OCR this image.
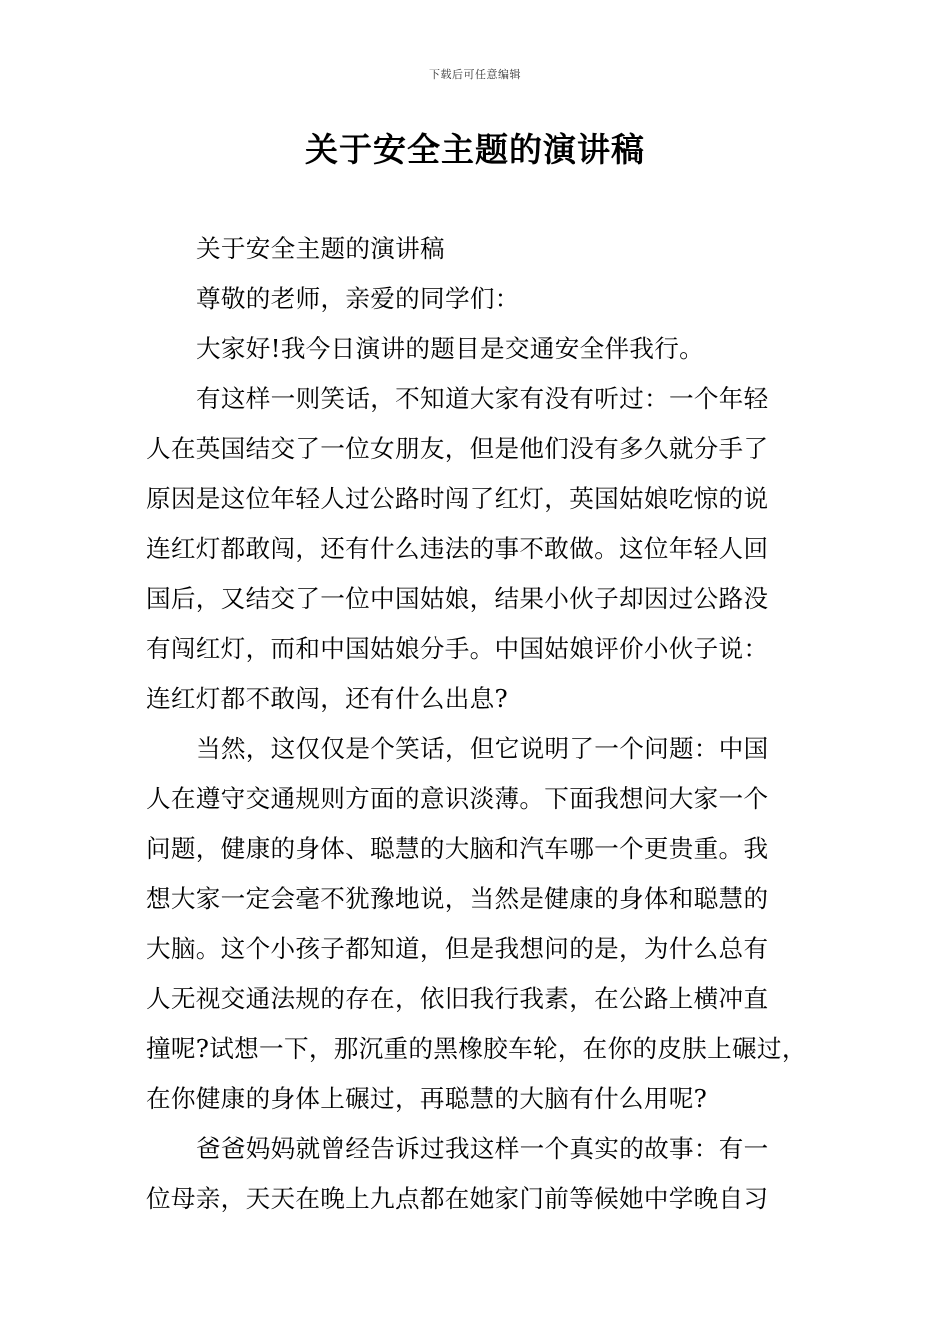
下载后可任意编辑
关于安全主题的演讲稿
关于安全主题的演讲稿
尊敬的老师，亲爱的同学们：
大家好!我今日演讲的题目是交通安全伴我行。
有这样一则笑话，不知道大家有没有听过：一个年轻
人在英国结交了一位女朋友，但是他们没有多久就分手了
原因是这位年轻人过公路时闯了红灯，英国姑娘吃惊的说
连红灯都敢闯，还有什么违法的事不敢做。这位年轻人回
国后，又结交了一位中国姑娘，结果小伙子却因过公路没
有闯红灯，而和中国姑娘分手。中国姑娘评价小伙子说：
连红灯都不敢闯，还有什么出息?
当然，这仅仅是个笑话，但它说明了一个问题：中国
人在遵守交通规则方面的意识淡薄。下面我想问大家一个
问题，健康的身体、聪慧的大脑和汽车哪一个更贵重。我
想大家一定会毫不犹豫地说，当然是健康的身体和聪慧的
大脑。这个小孩子都知道，但是我想问的是，为什么总有
人无视交通法规的存在，依旧我行我素，在公路上横冲直
撞呢?试想一下，那沉重的黑橡胶车轮，在你的皮肤上碾过，
在你健康的身体上碾过，再聪慧的大脑有什么用呢?
爸爸妈妈就曾经告诉过我这样一个真实的故事：有一
位母亲，天天在晚上九点都在她家门前等候她中学晚自习
